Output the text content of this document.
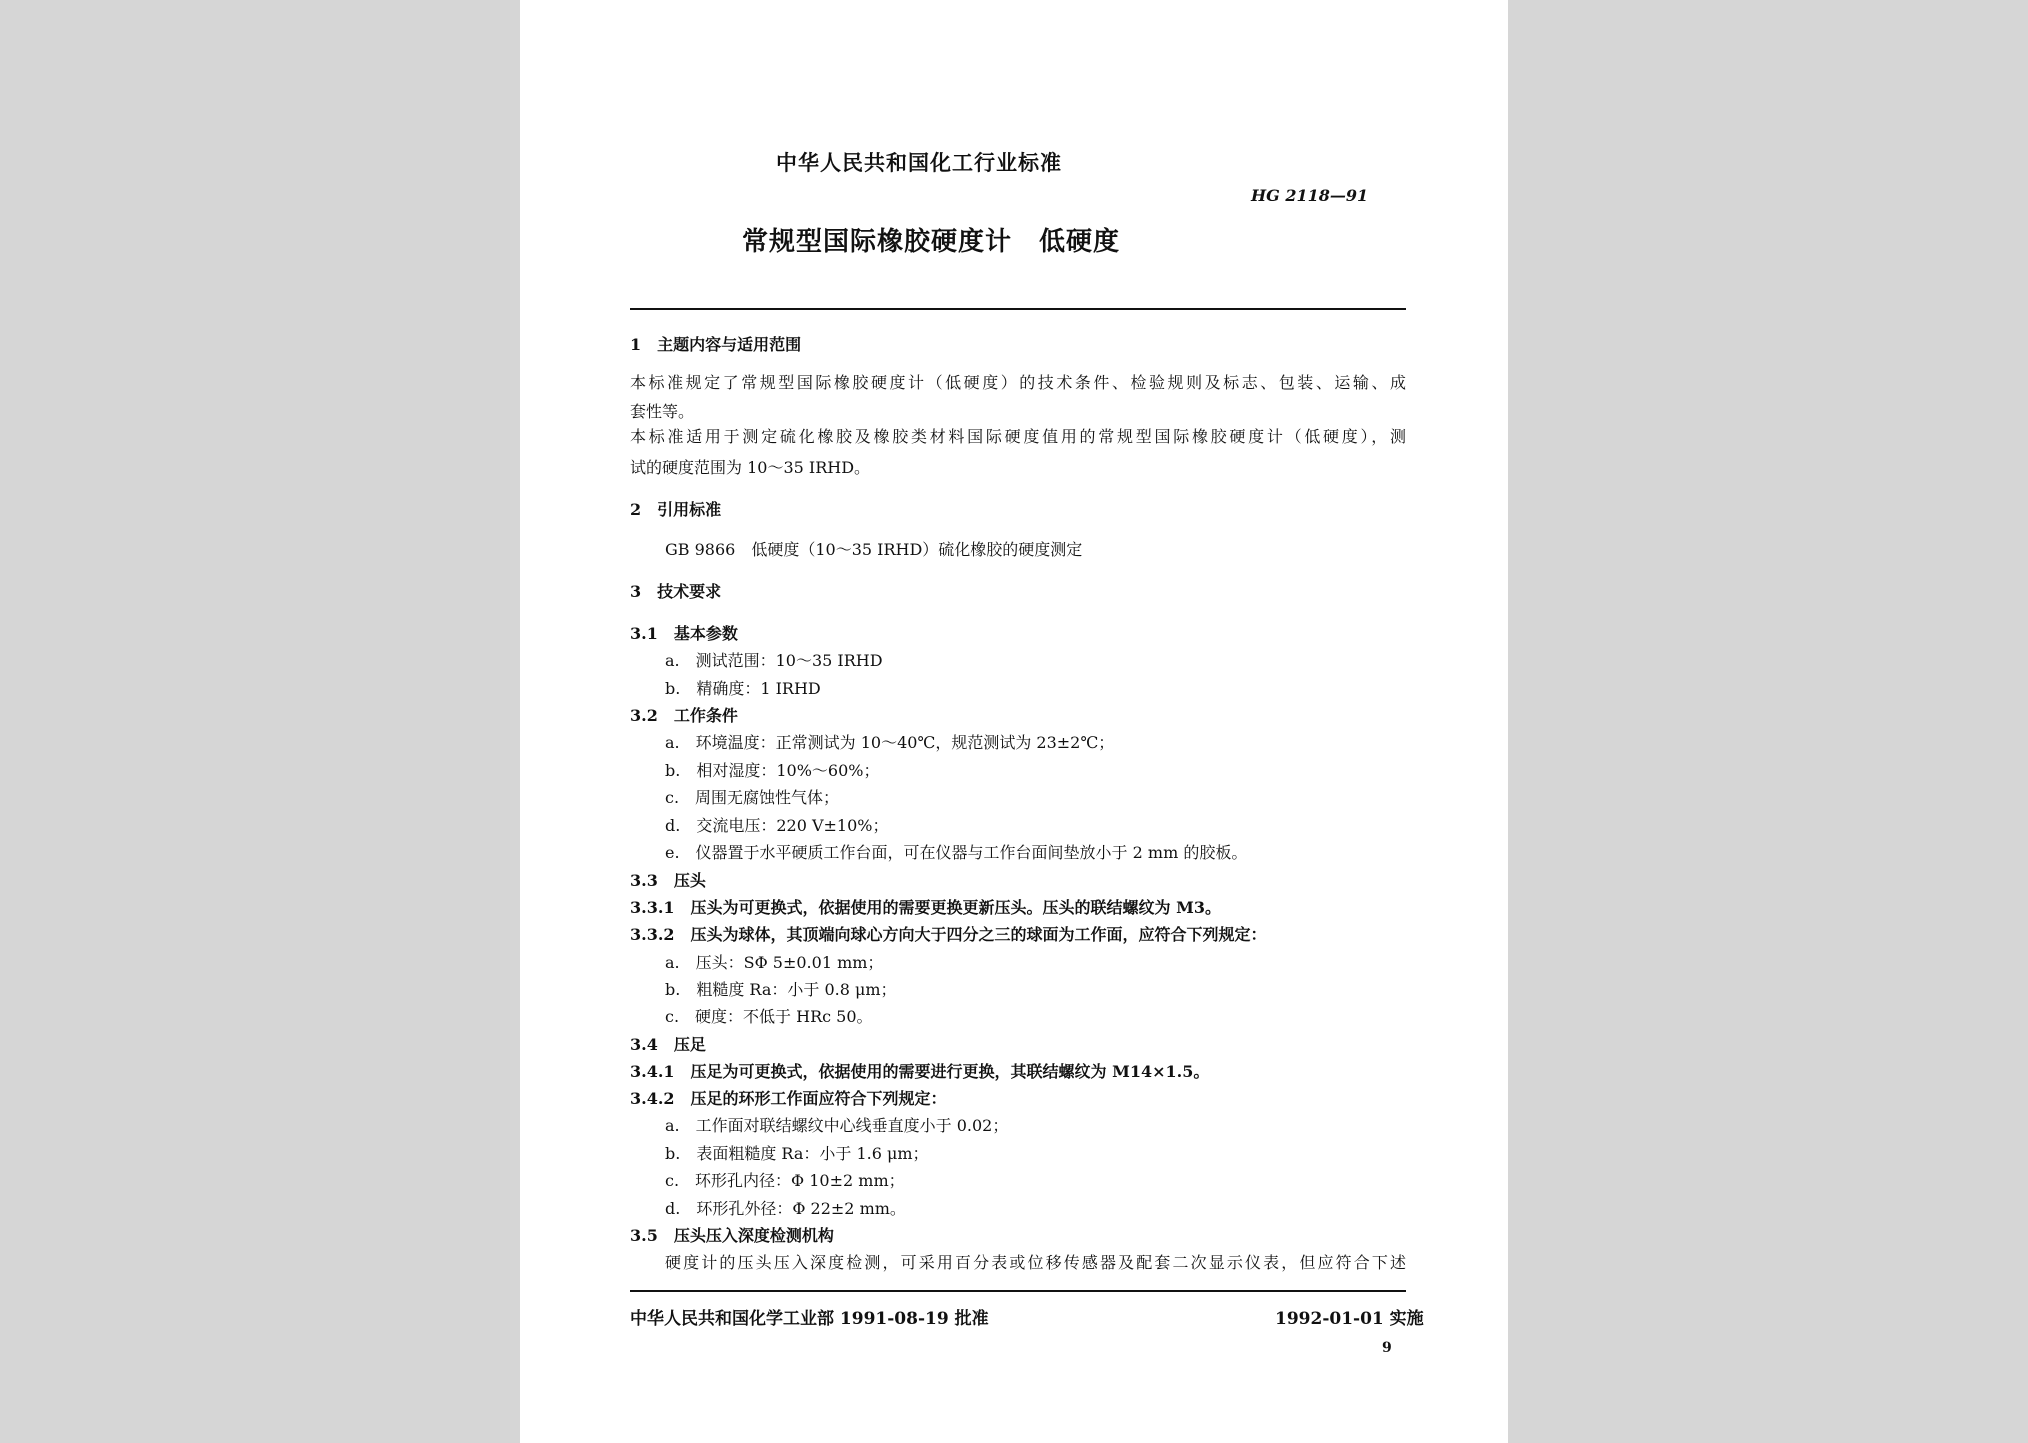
中华人民共和国化工行业标准
HG 2118—91
常规型国际橡胶硬度计　低硬度
1　主题内容与适用范围
本标准规定了常规型国际橡胶硬度计（低硬度）的技术条件、检验规则及标志、包装、运输、成
套性等。
本标准适用于测定硫化橡胶及橡胶类材料国际硬度值用的常规型国际橡胶硬度计（低硬度），测
试的硬度范围为 10～35 IRHD。
2　引用标准
GB 9866　低硬度（10～35 IRHD）硫化橡胶的硬度测定
3　技术要求
3.1　基本参数
a.　测试范围：10～35 IRHD
b.　精确度：1 IRHD
3.2　工作条件
a.　环境温度：正常测试为 10～40℃，规范测试为 23±2℃；
b.　相对湿度：10%～60%；
c.　周围无腐蚀性气体；
d.　交流电压：220 V±10%；
e.　仪器置于水平硬质工作台面，可在仪器与工作台面间垫放小于 2 mm 的胶板。
3.3　压头
3.3.1　压头为可更换式，依据使用的需要更换更新压头。压头的联结螺纹为 M3。
3.3.2　压头为球体，其顶端向球心方向大于四分之三的球面为工作面，应符合下列规定：
a.　压头：SΦ 5±0.01 mm；
b.　粗糙度 Ra：小于 0.8 μm；
c.　硬度：不低于 HRc 50。
3.4　压足
3.4.1　压足为可更换式，依据使用的需要进行更换，其联结螺纹为 M14×1.5。
3.4.2　压足的环形工作面应符合下列规定：
a.　工作面对联结螺纹中心线垂直度小于 0.02；
b.　表面粗糙度 Ra：小于 1.6 μm；
c.　环形孔内径：Φ 10±2 mm；
d.　环形孔外径：Φ 22±2 mm。
3.5　压头压入深度检测机构
硬度计的压头压入深度检测，可采用百分表或位移传感器及配套二次显示仪表，但应符合下述
中华人民共和国化学工业部 1991-08-19 批准	1992-01-01 实施
9
